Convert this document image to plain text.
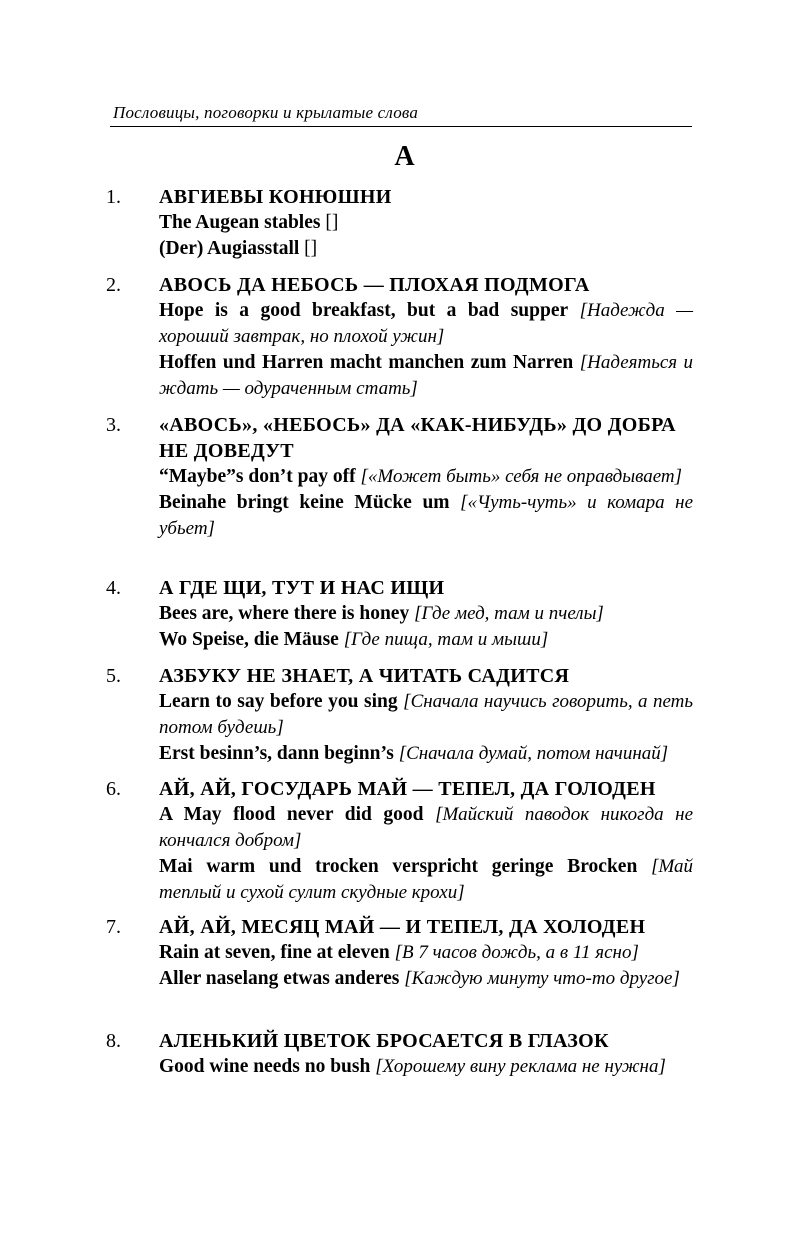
Пословицы, поговорки и крылатые слова
А
1. АВГИЕВЫ КОНЮШНИ
The Augean stables []
(Der) Augiasstall []
2. АВОСЬ ДА НЕБОСЬ — ПЛОХАЯ ПОДМОГА
Hope is a good breakfast, but a bad supper [Надежда — хороший завтрак, но плохой ужин]
Hoffen und Harren macht manchen zum Narren [Надеяться и ждать — одураченным стать]
3. «АВОСЬ», «НЕБОСЬ» ДА «КАК-НИБУДЬ» ДО ДОБРА НЕ ДОВЕДУТ
“Maybe”s don’t pay off [«Может быть» себя не оправдывает]
Beinahe bringt keine Mücke um [«Чуть-чуть» и комара не убьет]
4. А ГДЕ ЩИ, ТУТ И НАС ИЩИ
Bees are, where there is honey [Где мед, там и пчелы]
Wo Speise, die Mäuse [Где пища, там и мыши]
5. АЗБУКУ НЕ ЗНАЕТ, А ЧИТАТЬ САДИТСЯ
Learn to say before you sing [Сначала научись говорить, а петь потом будешь]
Erst besinn’s, dann beginn’s [Сначала думай, потом начинай]
6. АЙ, АЙ, ГОСУДАРЬ МАЙ — ТЕПЕЛ, ДА ГОЛОДЕН
A May flood never did good [Майский паводок никогда не кончался добром]
Mai warm und trocken verspricht geringe Brocken [Май теплый и сухой сулит скудные крохи]
7. АЙ, АЙ, МЕСЯЦ МАЙ — И ТЕПЕЛ, ДА ХОЛОДЕН
Rain at seven, fine at eleven [В 7 часов дождь, а в 11 ясно]
Aller naselang etwas anderes [Каждую минуту что-то другое]
8. АЛЕНЬКИЙ ЦВЕТОК БРОСАЕТСЯ В ГЛАЗОК
Good wine needs no bush [Хорошему вину реклама не нужна]
